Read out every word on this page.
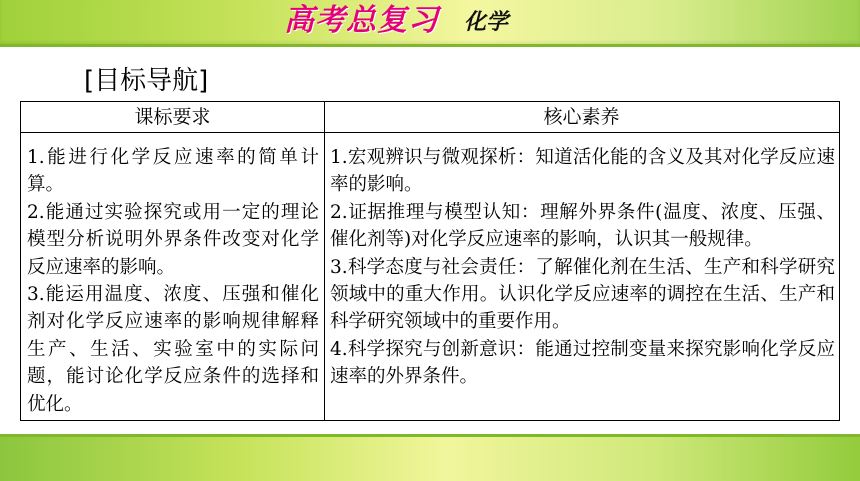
高考总复习 化学
[目标导航]
课标要求	核心素养

1.能进行化学反应速率的简单计算。

2.能通过实验探究或用一定的理论模型分析说明外界条件改变对化学反应速率的影响。

3.能运用温度、浓度、压强和催化剂对化学反应速率的影响规律解释生产、生活、实验室中的实际问题，能讨论化学反应条件的选择和优化。

1.宏观辨识与微观探析：知道活化能的含义及其对化学反应速率的影响。

2.证据推理与模型认知：理解外界条件(温度、浓度、压强、催化剂等)对化学反应速率的影响，认识其一般规律。

3.科学态度与社会责任：了解催化剂在生活、生产和科学研究领域中的重大作用。认识化学反应速率的调控在生活、生产和科学研究领域中的重要作用。

4.科学探究与创新意识：能通过控制变量来探究影响化学反应速率的外界条件。
